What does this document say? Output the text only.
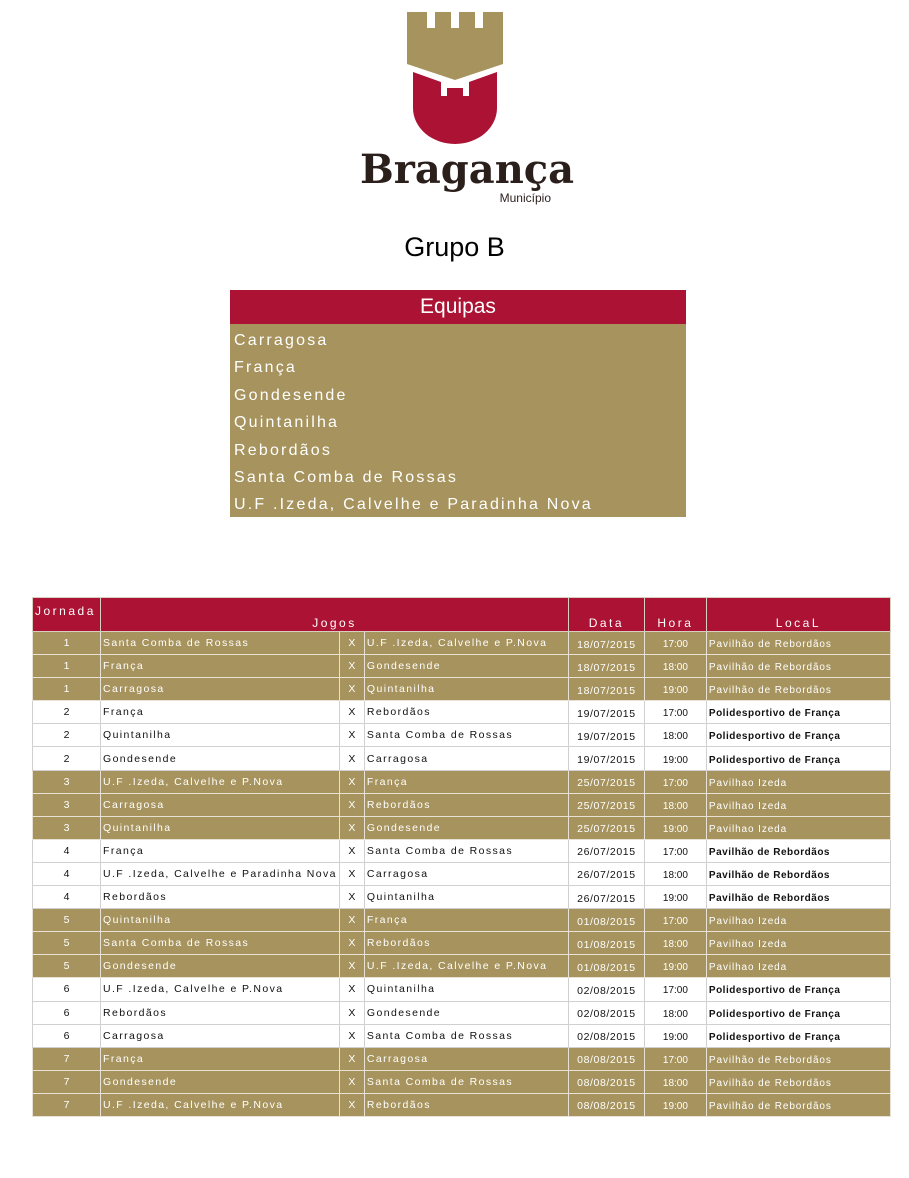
Bragança
Município
Grupo B
Equipas
Carragosa
França
Gondesende
Quintanilha
Rebordãos
Santa Comba de Rossas
U.F .Izeda, Calvelhe e Paradinha Nova
Jornada	Jogos			Data	Hora	LocaL
1	Santa Comba de Rossas	X	U.F .Izeda, Calvelhe e P.Nova	18/07/2015	17:00	Pavilhão de Rebordãos
1	França	X	Gondesende	18/07/2015	18:00	Pavilhão de Rebordãos
1	Carragosa	X	Quintanilha	18/07/2015	19:00	Pavilhão de Rebordãos
2	França	X	Rebordãos	19/07/2015	17:00	Polidesportivo de França
2	Quintanilha	X	Santa Comba de Rossas	19/07/2015	18:00	Polidesportivo de França
2	Gondesende	X	Carragosa	19/07/2015	19:00	Polidesportivo de França
3	U.F .Izeda, Calvelhe e P.Nova	X	França	25/07/2015	17:00	Pavilhao Izeda
3	Carragosa	X	Rebordãos	25/07/2015	18:00	Pavilhao Izeda
3	Quintanilha	X	Gondesende	25/07/2015	19:00	Pavilhao Izeda
4	França	X	Santa Comba de Rossas	26/07/2015	17:00	Pavilhão de Rebordãos
4	U.F .Izeda, Calvelhe e Paradinha Nova	X	Carragosa	26/07/2015	18:00	Pavilhão de Rebordãos
4	Rebordãos	X	Quintanilha	26/07/2015	19:00	Pavilhão de Rebordãos
5	Quintanilha	X	França	01/08/2015	17:00	Pavilhao Izeda
5	Santa Comba de Rossas	X	Rebordãos	01/08/2015	18:00	Pavilhao Izeda
5	Gondesende	X	U.F .Izeda, Calvelhe e P.Nova	01/08/2015	19:00	Pavilhao Izeda
6	U.F .Izeda, Calvelhe e P.Nova	X	Quintanilha	02/08/2015	17:00	Polidesportivo de França
6	Rebordãos	X	Gondesende	02/08/2015	18:00	Polidesportivo de França
6	Carragosa	X	Santa Comba de Rossas	02/08/2015	19:00	Polidesportivo de França
7	França	X	Carragosa	08/08/2015	17:00	Pavilhão de Rebordãos
7	Gondesende	X	Santa Comba de Rossas	08/08/2015	18:00	Pavilhão de Rebordãos
7	U.F .Izeda, Calvelhe e P.Nova	X	Rebordãos	08/08/2015	19:00	Pavilhão de Rebordãos
